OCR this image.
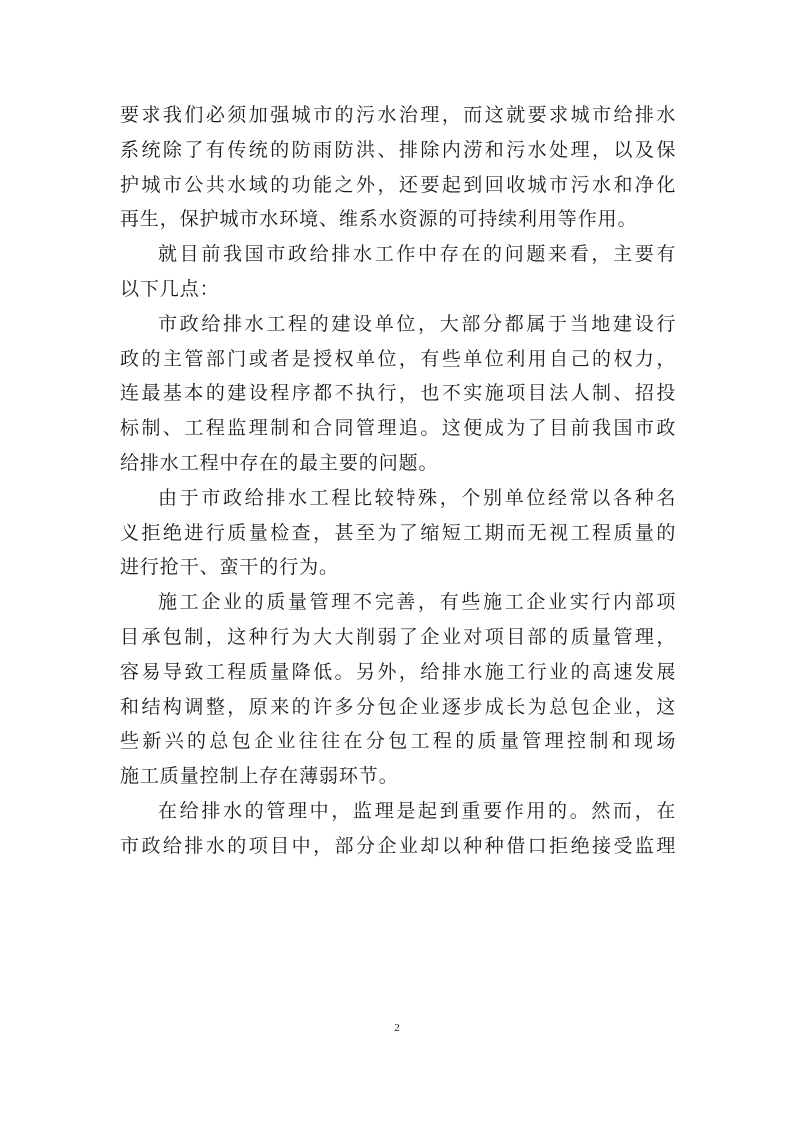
要求我们必须加强城市的污水治理，而这就要求城市给排水
系统除了有传统的防雨防洪、排除内涝和污水处理，以及保
护城市公共水域的功能之外，还要起到回收城市污水和净化
再生，保护城市水环境、维系水资源的可持续利用等作用。
就目前我国市政给排水工作中存在的问题来看，主要有
以下几点：
市政给排水工程的建设单位，大部分都属于当地建设行
政的主管部门或者是授权单位，有些单位利用自己的权力，
连最基本的建设程序都不执行，也不实施项目法人制、招投
标制、工程监理制和合同管理追。这便成为了目前我国市政
给排水工程中存在的最主要的问题。
由于市政给排水工程比较特殊，个别单位经常以各种名
义拒绝进行质量检查，甚至为了缩短工期而无视工程质量的
进行抢干、蛮干的行为。
施工企业的质量管理不完善，有些施工企业实行内部项
目承包制，这种行为大大削弱了企业对项目部的质量管理，
容易导致工程质量降低。另外，给排水施工行业的高速发展
和结构调整，原来的许多分包企业逐步成长为总包企业，这
些新兴的总包企业往往在分包工程的质量管理控制和现场
施工质量控制上存在薄弱环节。
在给排水的管理中，监理是起到重要作用的。然而，在
市政给排水的项目中，部分企业却以种种借口拒绝接受监理
2
